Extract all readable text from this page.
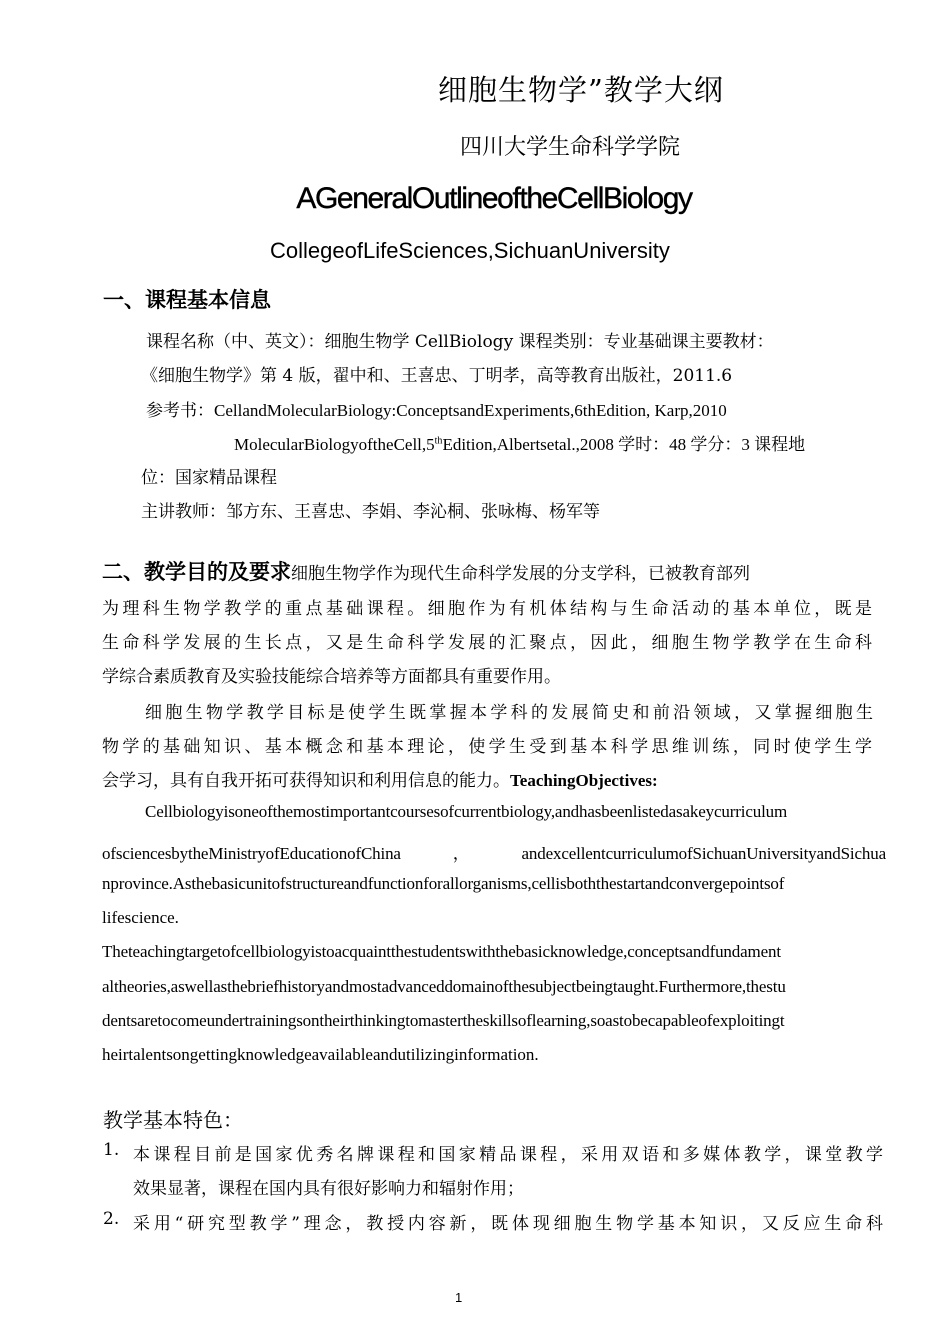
细胞生物学”教学大纲
四川大学生命科学学院
AGeneralOutlineoftheCellBiology
CollegeofLifeSciences,SichuanUniversity
一、课程基本信息
课程名称（中、英文）：细胞生物学 CellBiology 课程类别：专业基础课主要教材：
《细胞生物学》第 4 版，翟中和、王喜忠、丁明孝，高等教育出版社，2011.6
参考书：CellandMolecularBiology:ConceptsandExperiments,6thEdition, Karp,2010
MolecularBiologyoftheCell,5thEdition,Albertsetal.,2008 学时：48 学分：3 课程地
位：国家精品课程
主讲教师：邹方东、王喜忠、李娟、李沁桐、张咏梅、杨军等
二、教学目的及要求细胞生物学作为现代生命科学发展的分支学科，已被教育部列
为理科生物学教学的重点基础课程。细胞作为有机体结构与生命活动的基本单位，既是
生命科学发展的生长点，又是生命科学发展的汇聚点，因此，细胞生物学教学在生命科
学综合素质教育及实验技能综合培养等方面都具有重要作用。
细胞生物学教学目标是使学生既掌握本学科的发展简史和前沿领域，又掌握细胞生
物学的基础知识、基本概念和基本理论，使学生受到基本科学思维训练，同时使学生学
会学习，具有自我开拓可获得知识和利用信息的能力。TeachingObjectives:
Cellbiologyisoneofthemostimportantcoursesofcurrentbiology,andhasbeenlistedasakeycurriculum
ofsciencesbytheMinistryofEducationofChina，andexcellentcurriculumofSichuanUniversityandSichua
nprovince.Asthebasicunitofstructureandfunctionforallorganisms,cellisboththestartandconvergepointsof
lifescience.
Theteachingtargetofcellbiologyistoacquaintthestudentswiththebasicknowledge,conceptsandfundament
altheories,aswellasthebriefhistoryandmostadvanceddomainofthesubjectbeingtaught.Furthermore,thestu
dentsaretocomeundertrainingsontheirthinkingtomastertheskillsoflearning,soastobecapableofexploitingt
heirtalentsongettingknowledgeavailableandutilizinginformation.
教学基本特色：
1. 本课程目前是国家优秀名牌课程和国家精品课程，采用双语和多媒体教学，课堂教学
效果显著，课程在国内具有很好影响力和辐射作用；
2. 采用“研究型教学”理念，教授内容新，既体现细胞生物学基本知识，又反应生命科
1
